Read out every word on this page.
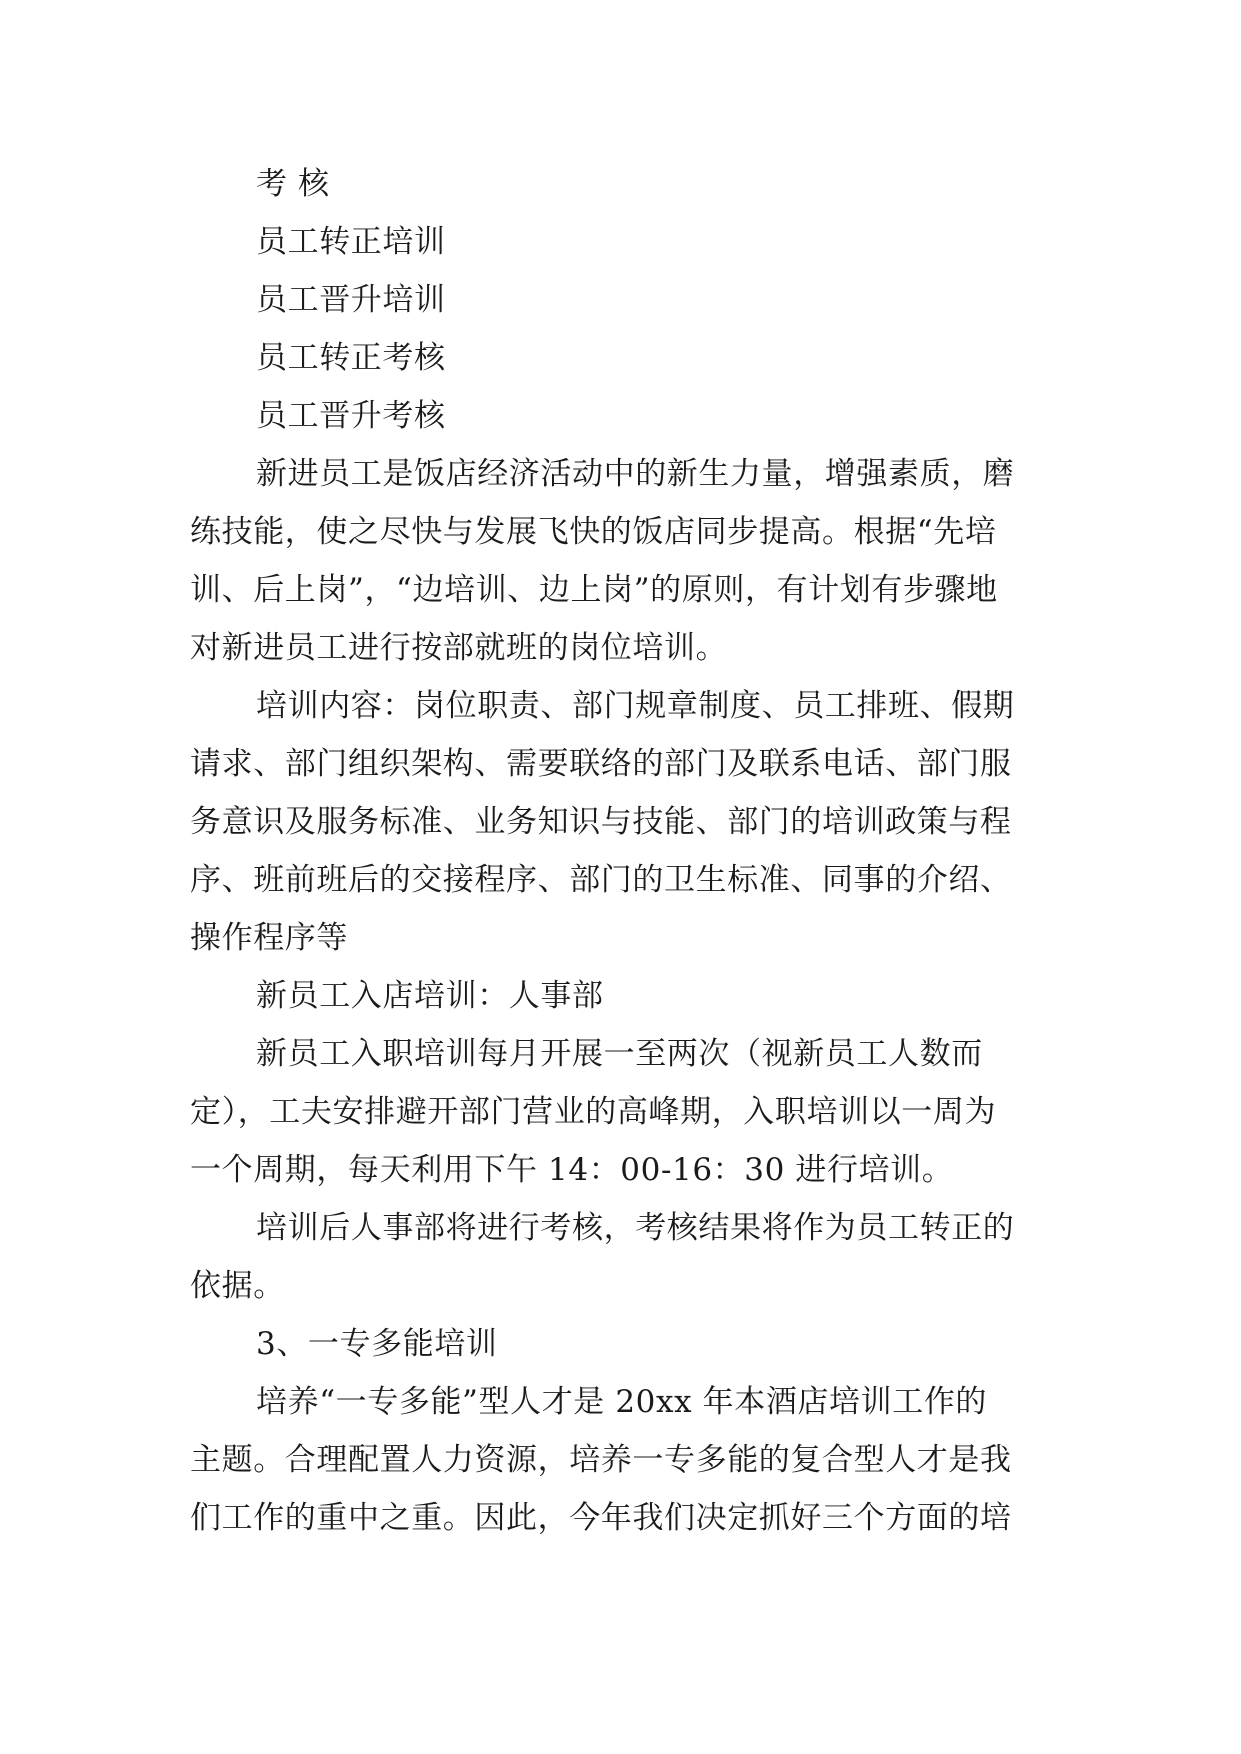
考 核

员工转正培训

员工晋升培训

员工转正考核

员工晋升考核

新进员工是饭店经济活动中的新生力量，增强素质，磨

练技能，使之尽快与发展飞快的饭店同步提高。根据“先培

训、后上岗”，“边培训、边上岗”的原则，有计划有步骤地

对新进员工进行按部就班的岗位培训。

培训内容：岗位职责、部门规章制度、员工排班、假期

请求、部门组织架构、需要联络的部门及联系电话、部门服

务意识及服务标准、业务知识与技能、部门的培训政策与程

序、班前班后的交接程序、部门的卫生标准、同事的介绍、

操作程序等

新员工入店培训：人事部

新员工入职培训每月开展一至两次（视新员工人数而

定），工夫安排避开部门营业的高峰期，入职培训以一周为

一个周期，每天利用下午 14：00-16：30 进行培训。

培训后人事部将进行考核，考核结果将作为员工转正的

依据。

3、一专多能培训

培养“一专多能”型人才是 20xx 年本酒店培训工作的

主题。合理配置人力资源，培养一专多能的复合型人才是我

们工作的重中之重。因此，今年我们决定抓好三个方面的培
